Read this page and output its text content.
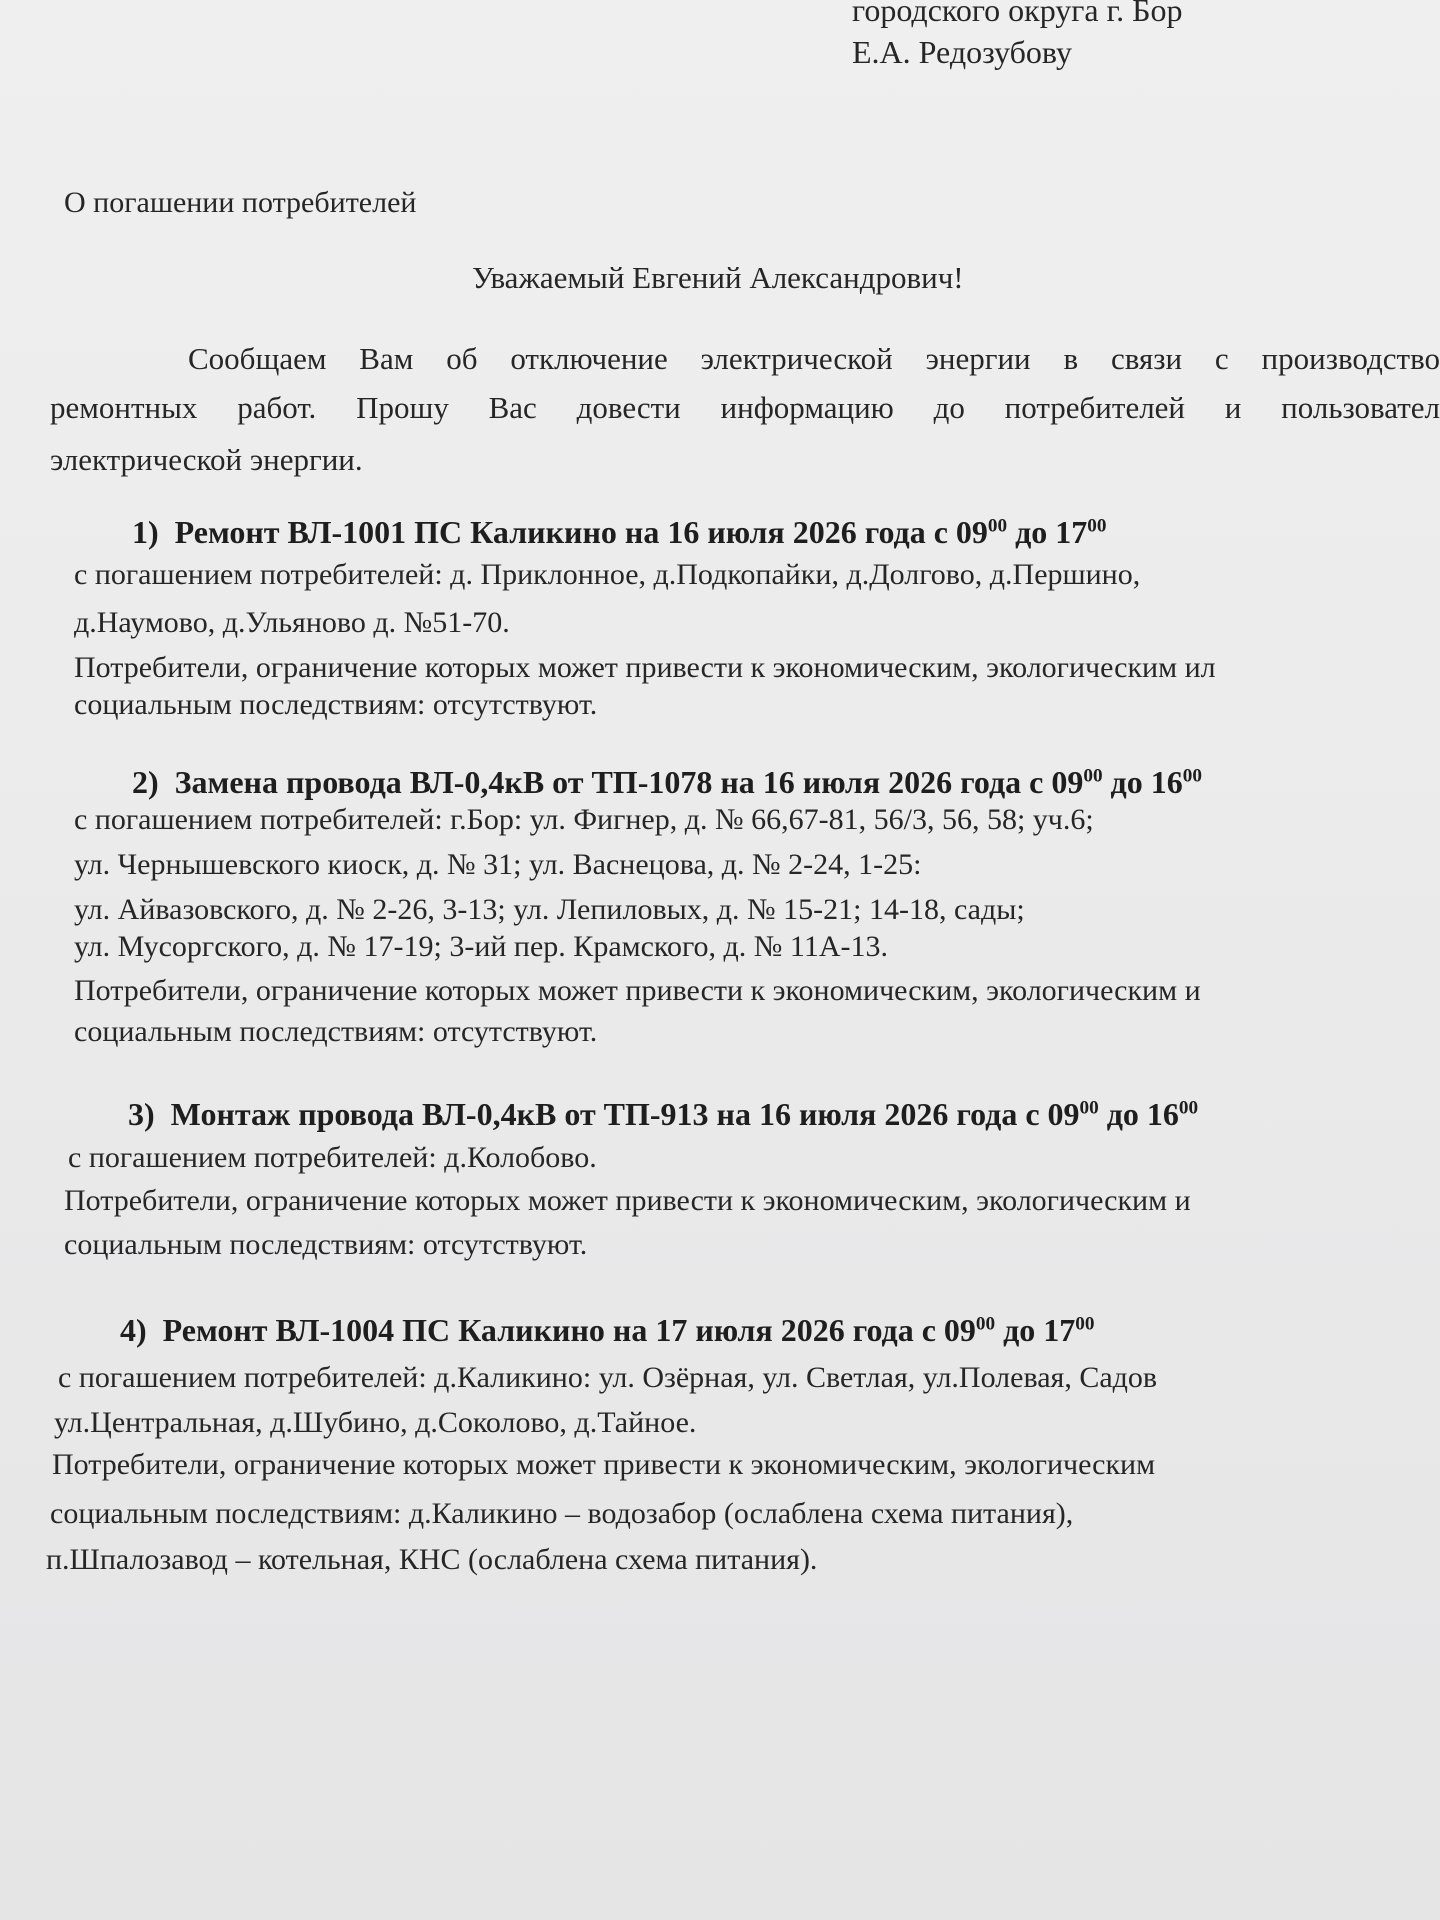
городского округа г. Бор
Е.А. Редозубову
О погашении потребителей
Уважаемый Евгений Александрович!
Сообщаем Вам об отключение электрической энергии в связи с производство
ремонтных работ. Прошу Вас довести информацию до потребителей и пользовател
электрической энергии.
1) Ремонт ВЛ-1001 ПС Каликино на 16 июля 2026 года с $09^{00}$ до $17^{00}$
с погашением потребителей: д. Приклонное, д.Подкопайки, д.Долгово, д.Першино,
д.Наумово, д.Ульяново д. №51-70.
Потребители, ограничение которых может привести к экономическим, экологическим ил
социальным последствиям: отсутствуют.
2) Замена провода ВЛ-0,4кВ от ТП-1078 на 16 июля 2026 года с $09^{00}$ до $16^{00}$
с погашением потребителей: г.Бор: ул. Фигнер, д. № 66,67-81, 56/3, 56, 58; уч.6;
ул. Чернышевского киоск, д. № 31; ул. Васнецова, д. № 2-24, 1-25:
ул. Айвазовского, д. № 2-26, 3-13; ул. Лепиловых, д. № 15-21; 14-18, сады;
ул. Мусоргского, д. № 17-19; 3-ий пер. Крамского, д. № 11А-13.
Потребители, ограничение которых может привести к экономическим, экологическим и
социальным последствиям: отсутствуют.
3) Монтаж провода ВЛ-0,4кВ от ТП-913 на 16 июля 2026 года с $09^{00}$ до $16^{00}$
с погашением потребителей: д.Колобово.
Потребители, ограничение которых может привести к экономическим, экологическим и
социальным последствиям: отсутствуют.
4) Ремонт ВЛ-1004 ПС Каликино на 17 июля 2026 года с $09^{00}$ до $17^{00}$
с погашением потребителей: д.Каликино: ул. Озёрная, ул. Светлая, ул.Полевая, Садов
ул.Центральная, д.Шубино, д.Соколово, д.Тайное.
Потребители, ограничение которых может привести к экономическим, экологическим
социальным последствиям: д.Каликино – водозабор (ослаблена схема питания),
п.Шпалозавод – котельная, КНС (ослаблена схема питания).
